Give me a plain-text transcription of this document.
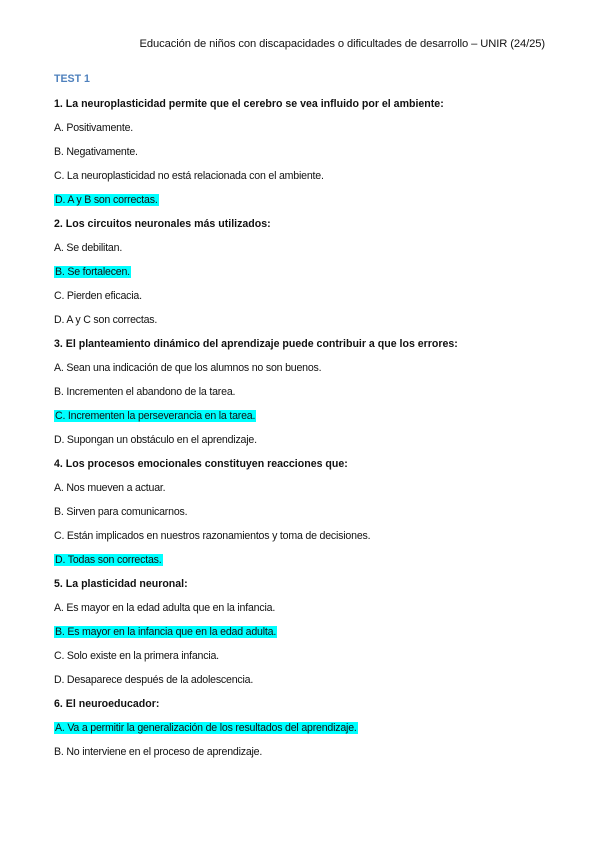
Educación de niños con discapacidades o dificultades de desarrollo – UNIR (24/25)
TEST 1
1. La neuroplasticidad permite que el cerebro se vea influido por el ambiente:
A. Positivamente.
B. Negativamente.
C. La neuroplasticidad no está relacionada con el ambiente.
D. A y B son correctas.
2. Los circuitos neuronales más utilizados:
A. Se debilitan.
B. Se fortalecen.
C. Pierden eficacia.
D. A y C son correctas.
3. El planteamiento dinámico del aprendizaje puede contribuir a que los errores:
A. Sean una indicación de que los alumnos no son buenos.
B. Incrementen el abandono de la tarea.
C. Incrementen la perseverancia en la tarea.
D. Supongan un obstáculo en el aprendizaje.
4. Los procesos emocionales constituyen reacciones que:
A. Nos mueven a actuar.
B. Sirven para comunicarnos.
C. Están implicados en nuestros razonamientos y toma de decisiones.
D. Todas son correctas.
5. La plasticidad neuronal:
A. Es mayor en la edad adulta que en la infancia.
B. Es mayor en la infancia que en la edad adulta.
C. Solo existe en la primera infancia.
D. Desaparece después de la adolescencia.
6. El neuroeducador:
A. Va a permitir la generalización de los resultados del aprendizaje.
B. No interviene en el proceso de aprendizaje.
